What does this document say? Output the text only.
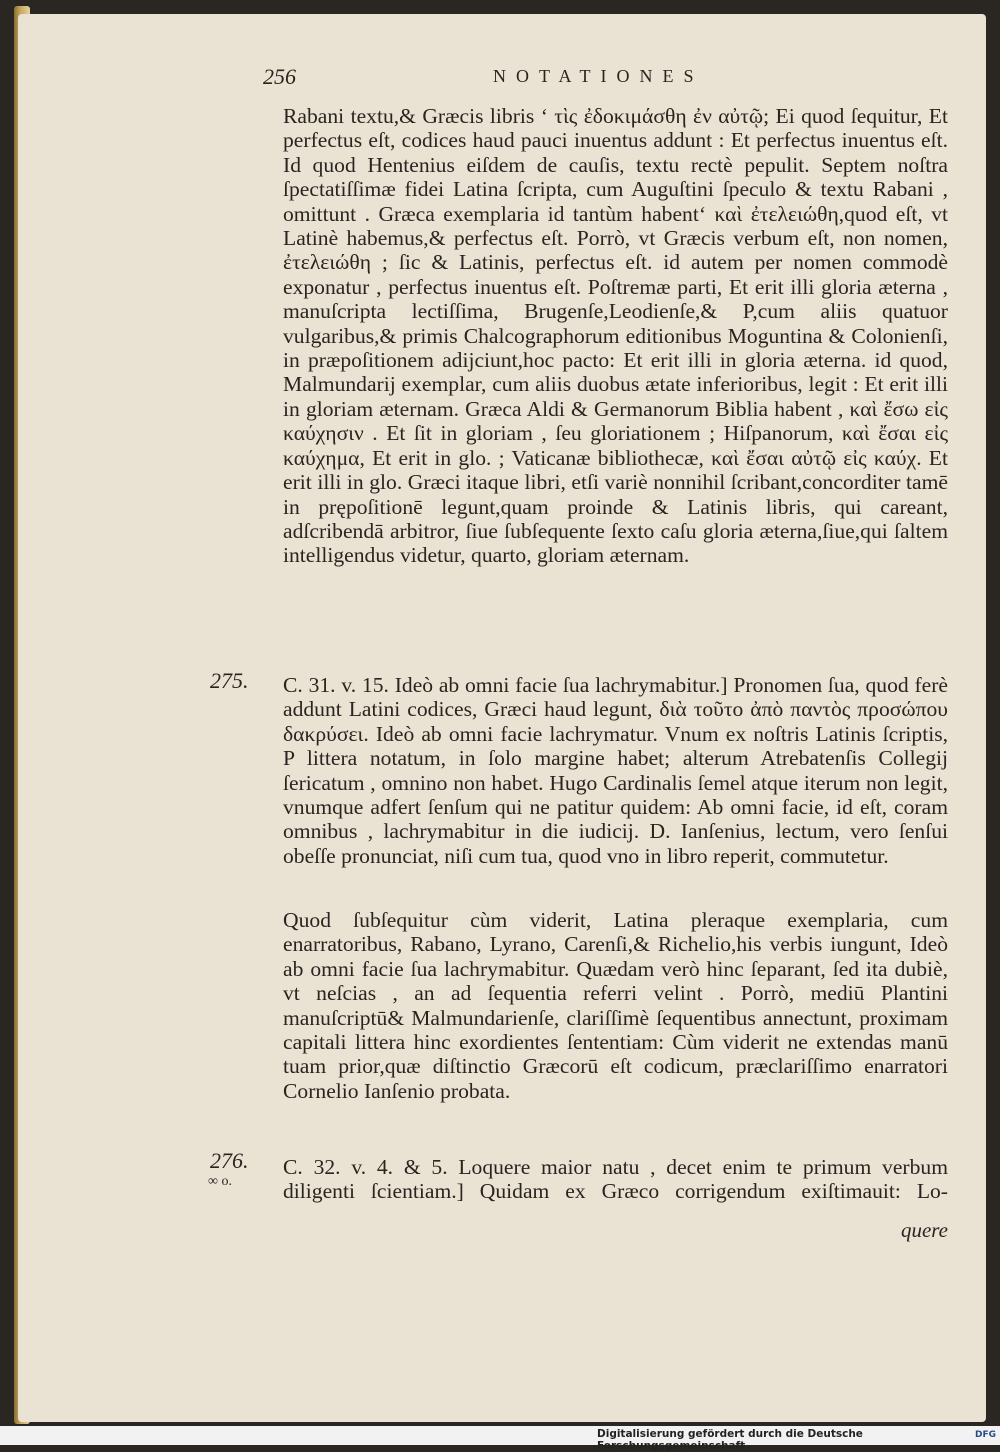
256	NOTATIONES
Rabani textu,& Græcis libris ‘ τὶς ἐδοκιμάσθη ἐν αὐτῷ; Ei quod ſequitur, Et perfectus eſt, codices haud pauci inuentus addunt : Et perfectus inuentus eſt. Id quod Hentenius eiſdem de cauſis, textu rectè pepulit. Septem noſtra ſpectatiſſimæ fidei Latina ſcripta, cum Auguſtini ſpeculo & textu Rabani , omittunt . Græca exemplaria id tantùm habent‘ καὶ ἐτελειώθη,quod eſt, vt Latinè habemus,& perfectus eſt. Porrò, vt Græcis verbum eſt, non nomen, ἐτελειώθη ; ſic & Latinis, perfectus eſt. id autem per nomen commodè exponatur , perfectus inuentus eſt. Poſtremæ parti, Et erit illi gloria æterna , manuſcripta lectiſſima, Brugenſe,Leodienſe,& P,cum aliis quatuor vulgaribus,& primis Chalcographorum editionibus Moguntina & Colonienſi, in præpoſitionem adijciunt,hoc pacto: Et erit illi in gloria æterna. id quod, Malmundarij exemplar, cum aliis duobus ætate inferioribus, legit : Et erit illi in gloriam æternam. Græca Aldi & Germanorum Biblia habent , καὶ ἔσω εἰς καύχησιν . Et ſit in gloriam , ſeu gloriationem ; Hiſpanorum, καὶ ἔσαι εἰς καύχημα, Et erit in glo. ; Vaticanæ bibliothecæ, καὶ ἔσαι αὐτῷ εἰς καύχ. Et erit illi in glo. Græci itaque libri, etſi variè nonnihil ſcribant,concorditer tamē in prępoſitionē legunt,quam proinde & Latinis libris, qui careant, adſcribendā arbitror, ſiue ſubſequente ſexto caſu gloria æterna,ſiue,qui ſaltem intelligendus videtur, quarto, gloriam æternam.
275. C. 31. v. 15. Ideò ab omni facie ſua lachrymabitur.] Pronomen ſua, quod ferè addunt Latini codices, Græci haud legunt, διὰ τοῦτο ἀπὸ παντὸς προσώπου δακρύσει. Ideò ab omni facie lachrymatur. Vnum ex noſtris Latinis ſcriptis, P littera notatum, in ſolo margine habet; alterum Atrebatenſis Collegij ſericatum , omnino non habet. Hugo Cardinalis ſemel atque iterum non legit, vnumque adfert ſenſum qui ne patitur quidem: Ab omni facie, id eſt, coram omnibus , lachrymabitur in die iudicij. D. Ianſenius, lectum, vero ſenſui obeſſe pronunciat, niſi cum tua, quod vno in libro reperit, commutetur.
Quod ſubſequitur cùm viderit, Latina pleraque exemplaria, cum enarratoribus, Rabano, Lyrano, Carenſi,& Richelio,his verbis iungunt, Ideò ab omni facie ſua lachrymabitur. Quædam verò hinc ſeparant, ſed ita dubiè, vt neſcias , an ad ſequentia referri velint . Porrò, mediū Plantini manuſcriptū& Malmundarienſe, clariſſimè ſequentibus annectunt, proximam capitali littera hinc exordientes ſententiam: Cùm viderit ne extendas manū tuam prior,quæ diſtinctio Græcorū eſt codicum, præclariſſimo enarratori Cornelio Ianſenio probata.
276.
∞ o.
C. 32. v. 4. & 5. Loquere maior natu , decet enim te primum verbum diligenti ſcientiam.] Quidam ex Græco corrigendum exiſtimauit: Lo-
quere
Digitalisierung gefördert durch die Deutsche Forschungsgemeinschaft
DFG
